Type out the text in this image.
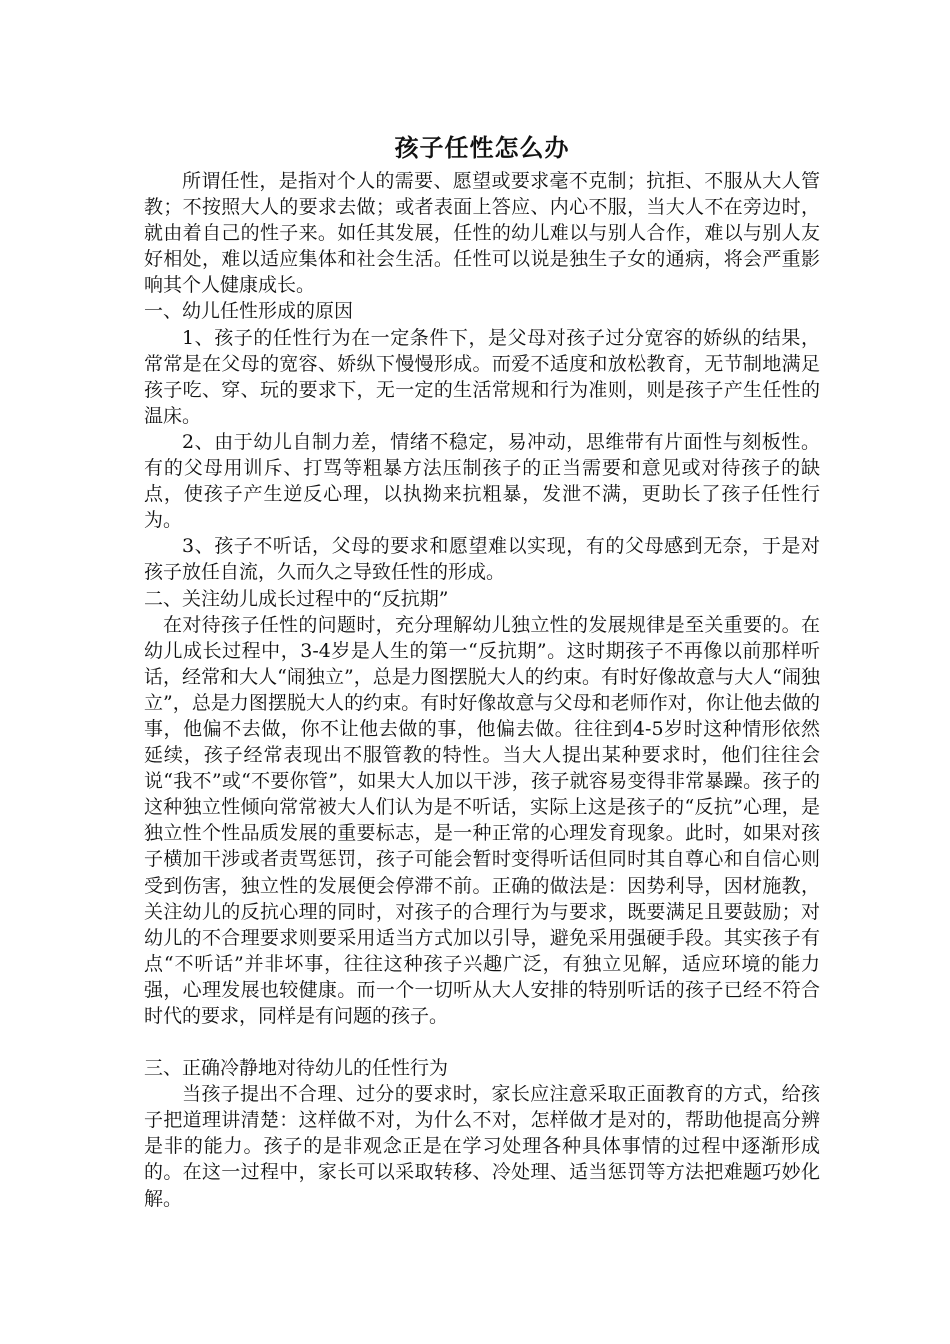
孩子任性怎么办

所谓任性，是指对个人的需要、愿望或要求毫不克制；抗拒、不服从大人管教；不按照大人的要求去做；或者表面上答应、内心不服，当大人不在旁边时，就由着自己的性子来。如任其发展，任性的幼儿难以与别人合作，难以与别人友好相处，难以适应集体和社会生活。任性可以说是独生子女的通病，将会严重影响其个人健康成长。

一、幼儿任性形成的原因

1、孩子的任性行为在一定条件下，是父母对孩子过分宽容的娇纵的结果，常常是在父母的宽容、娇纵下慢慢形成。而爱不适度和放松教育，无节制地满足孩子吃、穿、玩的要求下，无一定的生活常规和行为准则，则是孩子产生任性的温床。

2、由于幼儿自制力差，情绪不稳定，易冲动，思维带有片面性与刻板性。有的父母用训斥、打骂等粗暴方法压制孩子的正当需要和意见或对待孩子的缺点，使孩子产生逆反心理，以执拗来抗粗暴，发泄不满，更助长了孩子任性行为。

3、孩子不听话，父母的要求和愿望难以实现，有的父母感到无奈，于是对孩子放任自流，久而久之导致任性的形成。

二、关注幼儿成长过程中的“反抗期”

在对待孩子任性的问题时，充分理解幼儿独立性的发展规律是至关重要的。在幼儿成长过程中，3-4岁是人生的第一“反抗期”。这时期孩子不再像以前那样听话，经常和大人“闹独立”，总是力图摆脱大人的约束。有时好像故意与大人“闹独立”，总是力图摆脱大人的约束。有时好像故意与父母和老师作对，你让他去做的事，他偏不去做，你不让他去做的事，他偏去做。往往到4-5岁时这种情形依然延续，孩子经常表现出不服管教的特性。当大人提出某种要求时，他们往往会说“我不”或“不要你管”，如果大人加以干涉，孩子就容易变得非常暴躁。孩子的这种独立性倾向常常被大人们认为是不听话，实际上这是孩子的“反抗”心理，是独立性个性品质发展的重要标志，是一种正常的心理发育现象。此时，如果对孩子横加干涉或者责骂惩罚，孩子可能会暂时变得听话但同时其自尊心和自信心则受到伤害，独立性的发展便会停滞不前。正确的做法是：因势利导，因材施教，关注幼儿的反抗心理的同时，对孩子的合理行为与要求，既要满足且要鼓励；对幼儿的不合理要求则要采用适当方式加以引导，避免采用强硬手段。其实孩子有点“不听话”并非坏事，往往这种孩子兴趣广泛，有独立见解，适应环境的能力强，心理发展也较健康。而一个一切听从大人安排的特别听话的孩子已经不符合时代的要求，同样是有问题的孩子。

三、正确冷静地对待幼儿的任性行为

当孩子提出不合理、过分的要求时，家长应注意采取正面教育的方式，给孩子把道理讲清楚：这样做不对，为什么不对，怎样做才是对的，帮助他提高分辨是非的能力。孩子的是非观念正是在学习处理各种具体事情的过程中逐渐形成的。在这一过程中，家长可以采取转移、冷处理、适当惩罚等方法把难题巧妙化解。
